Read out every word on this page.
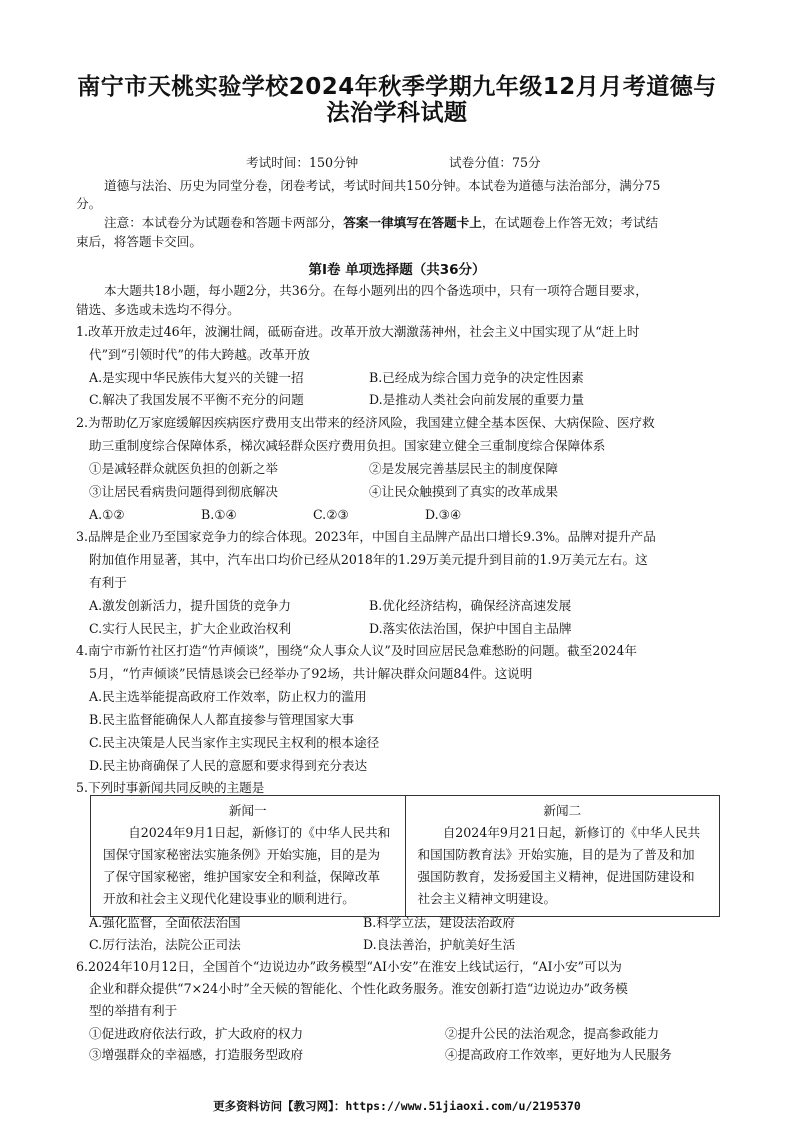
南宁市天桃实验学校2024年秋季学期九年级12月月考道德与
法治学科试题
考试时间：150分钟	试卷分值：75分
道德与法治、历史为同堂分卷，闭卷考试，考试时间共150分钟。本试卷为道德与法治部分，满分75
分。
注意：本试卷分为试题卷和答题卡两部分，答案一律填写在答题卡上，在试题卷上作答无效；考试结
束后，将答题卡交回。
第Ⅰ卷 单项选择题（共36分）
本大题共18小题，每小题2分，共36分。在每小题列出的四个备选项中，只有一项符合题目要求，
错选、多选或未选均不得分。
1.改革开放走过46年，波澜壮阔，砥砺奋进。改革开放大潮激荡神州，社会主义中国实现了从“赶上时
代”到“引领时代”的伟大跨越。改革开放
A.是实现中华民族伟大复兴的关键一招	B.已经成为综合国力竞争的决定性因素
C.解决了我国发展不平衡不充分的问题	D.是推动人类社会向前发展的重要力量
2.为帮助亿万家庭缓解因疾病医疗费用支出带来的经济风险，我国建立健全基本医保、大病保险、医疗救
助三重制度综合保障体系，梯次减轻群众医疗费用负担。国家建立健全三重制度综合保障体系
①是减轻群众就医负担的创新之举	②是发展完善基层民主的制度保障
③让居民看病贵问题得到彻底解决	④让民众触摸到了真实的改革成果
A.①②	B.①④	C.②③	D.③④
3.品牌是企业乃至国家竞争力的综合体现。2023年，中国自主品牌产品出口增长9.3%。品牌对提升产品
附加值作用显著，其中，汽车出口均价已经从2018年的1.29万美元提升到目前的1.9万美元左右。这
有利于
A.激发创新活力，提升国货的竞争力	B.优化经济结构，确保经济高速发展
C.实行人民民主，扩大企业政治权利	D.落实依法治国，保护中国自主品牌
4.南宁市新竹社区打造“竹声倾谈”，围绕“众人事众人议”及时回应居民急难愁盼的问题。截至2024年
5月，“竹声倾谈”民情恳谈会已经举办了92场，共计解决群众问题84件。这说明
A.民主选举能提高政府工作效率，防止权力的滥用
B.民主监督能确保人人都直接参与管理国家大事
C.民主决策是人民当家作主实现民主权利的根本途径
D.民主协商确保了人民的意愿和要求得到充分表达
5.下列时事新闻共同反映的主题是
新闻一
自2024年9月1日起，新修订的《中华人民共和国保守国家秘密法实施条例》开始实施，目的是为了保守国家秘密，维护国家安全和利益，保障改革开放和社会主义现代化建设事业的顺利进行。

新闻二
自2024年9月21日起，新修订的《中华人民共和国国防教育法》开始实施，目的是为了普及和加强国防教育，发扬爱国主义精神，促进国防建设和社会主义精神文明建设。
A.强化监督，全面依法治国	B.科学立法，建设法治政府
C.厉行法治，法院公正司法	D.良法善治，护航美好生活
6.2024年10月12日，全国首个“边说边办”政务模型“AI小安”在淮安上线试运行，“AI小安”可以为
企业和群众提供“7×24小时”全天候的智能化、个性化政务服务。淮安创新打造“边说边办”政务模
型的举措有利于
①促进政府依法行政，扩大政府的权力	②提升公民的法治观念，提高参政能力
③增强群众的幸福感，打造服务型政府	④提高政府工作效率，更好地为人民服务
更多资料访问【教习网】：https://www.51jiaoxi.com/u/2195370
